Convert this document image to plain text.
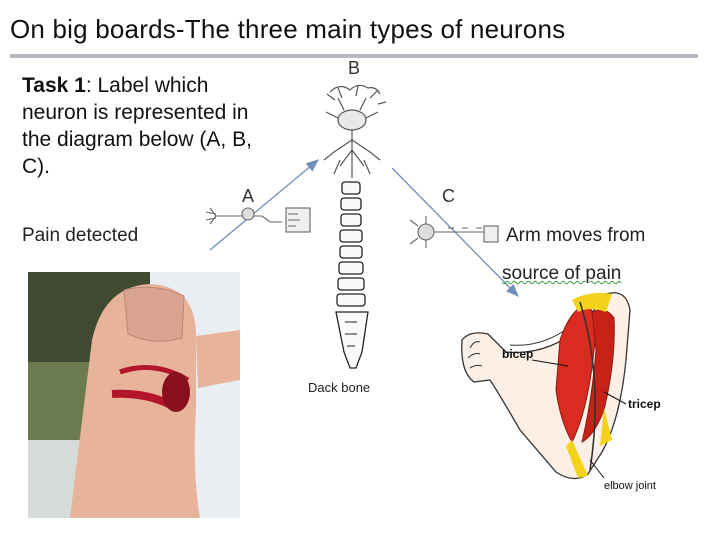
On big boards-The three main types of neurons
Task 1: Label which neuron is represented in the diagram below (A, B, C).
B
A	C
Pain detected	Arm moves from
source of pain
Dack bone
bicep
tricep
elbow joint
